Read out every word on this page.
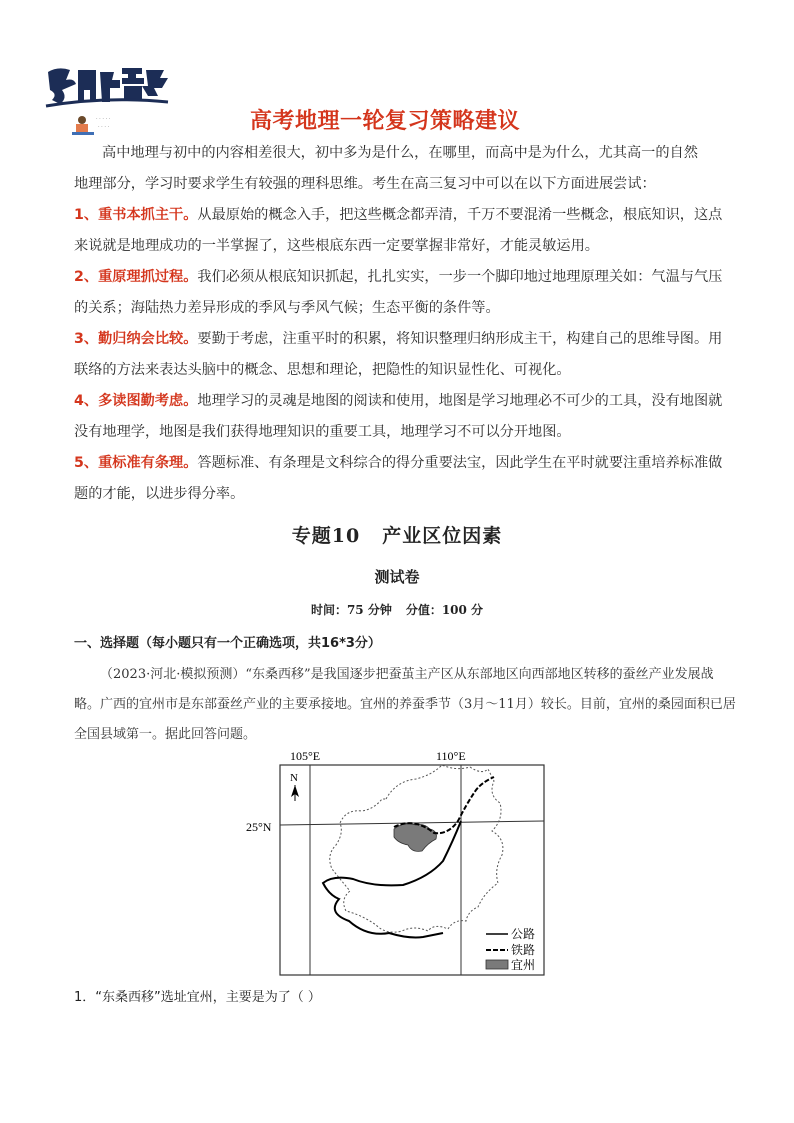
· · · · ·
· · · ·	高考地理一轮复习策略建议
高中地理与初中的内容相差很大，初中多为是什么，在哪里，而高中是为什么，尤其高一的自然
地理部分，学习时要求学生有较强的理科思维。考生在高三复习中可以在以下方面进展尝试：

1、重书本抓主干。从最原始的概念入手，把这些概念都弄清，千万不要混淆一些概念，根底知识，这点来说就是地理成功的一半掌握了，这些根底东西一定要掌握非常好，才能灵敏运用。

2、重原理抓过程。我们必须从根底知识抓起，扎扎实实，一步一个脚印地过地理原理关如：气温与气压的关系；海陆热力差异形成的季风与季风气候；生态平衡的条件等。

3、勤归纳会比较。要勤于考虑，注重平时的积累，将知识整理归纳形成主干，构建自己的思维导图。用联络的方法来表达头脑中的概念、思想和理论，把隐性的知识显性化、可视化。

4、多读图勤考虑。地理学习的灵魂是地图的阅读和使用，地图是学习地理必不可少的工具，没有地图就没有地理学，地图是我们获得地理知识的重要工具，地理学习不可以分开地图。

5、重标准有条理。答题标准、有条理是文科综合的得分重要法宝，因此学生在平时就要注重培养标准做题的才能，以进步得分率。

专题10 产业区位因素
测试卷
时间：75 分钟 分值：100 分
一、选择题（每小题只有一个正确选项，共16*3分）
（2023·河北·模拟预测）“东桑西移”是我国逐步把蚕茧主产区从东部地区向西部地区转移的蚕丝产业发展战略。广西的宜州市是东部蚕丝产业的主要承接地。宜州的养蚕季节（3月～11月）较长。目前，宜州的桑园面积已居全国县域第一。据此回答问题。
105°E	110°E
25°N
N
公路
铁路
宜州
1．“东桑西移”选址宜州，主要是为了（ ）
